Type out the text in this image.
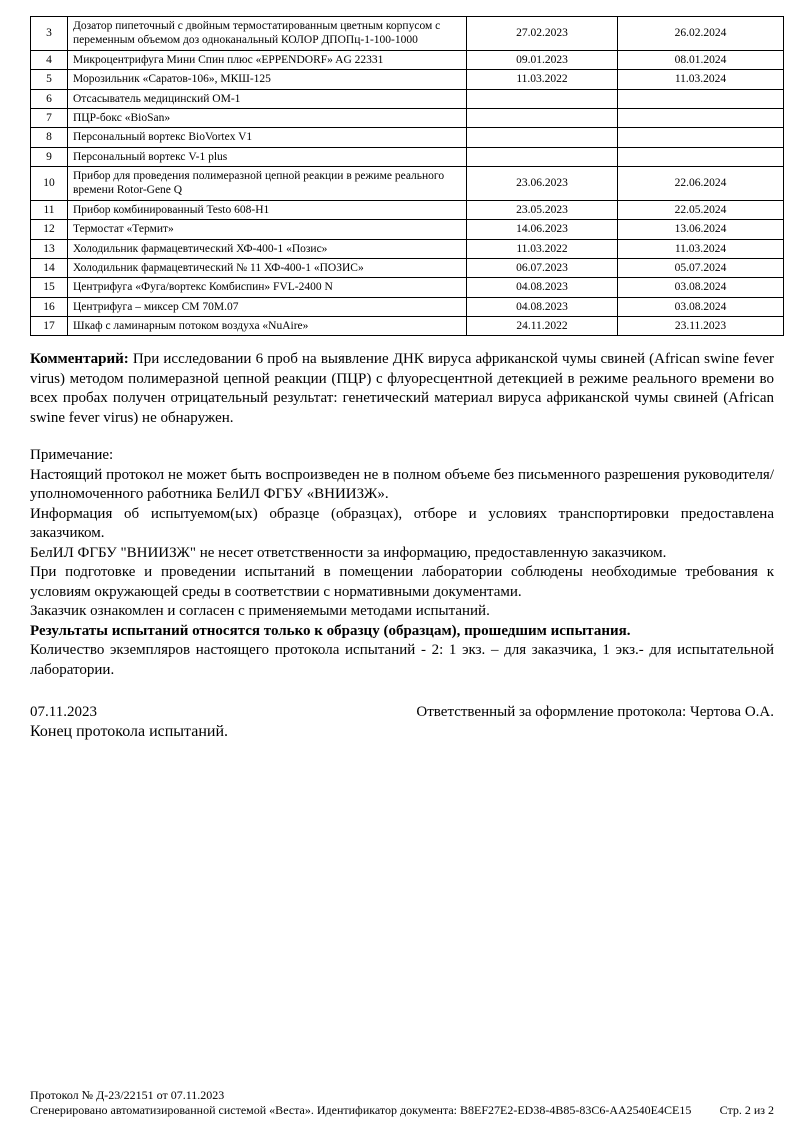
3	Дозатор пипеточный с двойным термостатированным цветным корпусом с переменным объемом доз одноканальный КОЛОР ДПОПц-1-100-1000	27.02.2023	26.02.2024
4	Микроцентрифуга Мини Спин плюс «EPPENDORF» AG 22331	09.01.2023	08.01.2024
5	Морозильник «Саратов-106», МКШ-125	11.03.2022	11.03.2024
6	Отсасыватель медицинский ОМ-1		
7	ПЦР-бокс «BioSan»		
8	Персональный вортекс BioVortex V1		
9	Персональный вортекс V-1 plus		
10	Прибор для проведения полимеразной цепной реакции в режиме реального времени Rotor-Gene Q	23.06.2023	22.06.2024
11	Прибор комбинированный Testo 608-H1	23.05.2023	22.05.2024
12	Термостат «Термит»	14.06.2023	13.06.2024
13	Холодильник фармацевтический ХФ-400-1 «Позис»	11.03.2022	11.03.2024
14	Холодильник фармацевтический № 11 ХФ-400-1 «ПОЗИС»	06.07.2023	05.07.2024
15	Центрифуга «Фуга/вортекс Комбиспин» FVL-2400 N	04.08.2023	03.08.2024
16	Центрифуга – миксер СМ 70М.07	04.08.2023	03.08.2024
17	Шкаф с ламинарным потоком воздуха «NuAire»	24.11.2022	23.11.2023

Комментарий: При исследовании 6 проб на выявление ДНК вируса африканской чумы свиней (African swine fever virus) методом полимеразной цепной реакции (ПЦР) с флуоресцентной детекцией в режиме реального времени во всех пробах получен отрицательный результат: генетический материал вируса африканской чумы свиней (African swine fever virus) не обнаружен.

Примечание:

Настоящий протокол не может быть воспроизведен не в полном объеме без письменного разрешения руководителя/уполномоченного работника БелИЛ ФГБУ «ВНИИЗЖ».

Информация об испытуемом(ых) образце (образцах), отборе и условиях транспортировки предоставлена заказчиком.

БелИЛ ФГБУ "ВНИИЗЖ" не несет ответственности за информацию, предоставленную заказчиком.

При подготовке и проведении испытаний в помещении лаборатории соблюдены необходимые требования к условиям окружающей среды в соответствии с нормативными документами.

Заказчик ознакомлен и согласен с применяемыми методами испытаний.

Результаты испытаний относятся только к образцу (образцам), прошедшим испытания.

Количество экземпляров настоящего протокола испытаний - 2: 1 экз. – для заказчика, 1 экз.- для испытательной лаборатории.

07.11.2023	Ответственный за оформление протокола: Чертова О.А.

Конец протокола испытаний.

Протокол № Д-23/22151 от 07.11.2023
Сгенерировано автоматизированной системой «Веста». Идентификатор документа: B8EF27E2-ED38-4B85-83C6-AA2540E4CE15 Стр. 2 из 2
